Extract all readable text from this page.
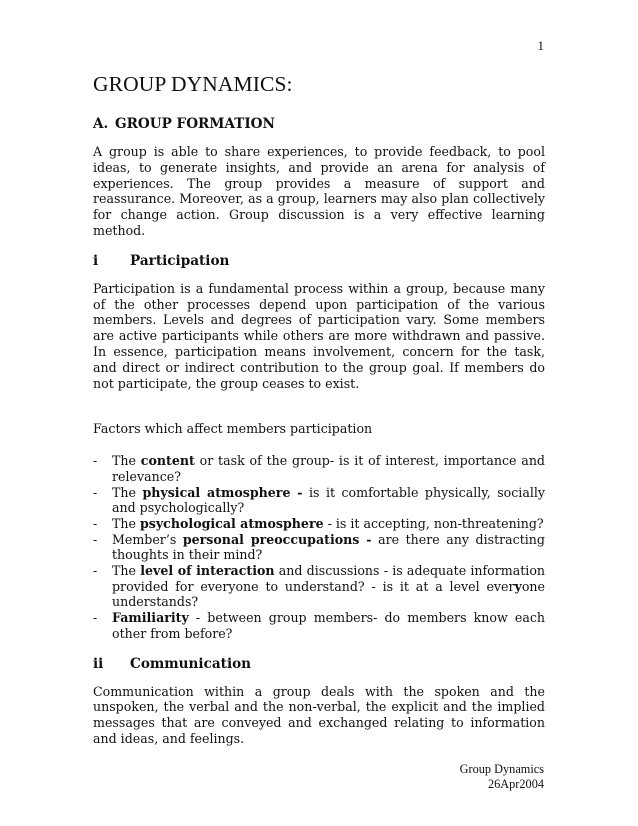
1
GROUP DYNAMICS:
A. GROUP FORMATION

A group is able to share experiences, to provide feedback, to pool ideas, to generate insights, and provide an arena for analysis of experiences. The group provides a measure of support and reassurance. Moreover, as a group, learners may also plan collectively for change action. Group discussion is a very effective learning method.

i Participation

Participation is a fundamental process within a group, because many of the other processes depend upon participation of the various members. Levels and degrees of participation vary. Some members are active participants while others are more withdrawn and passive. In essence, participation means involvement, concern for the task, and direct or indirect contribution to the group goal. If members do not participate, the group ceases to exist.

Factors which affect members participation

- The content or task of the group- is it of interest, importance and relevance?
- The physical atmosphere - is it comfortable physically, socially and psychologically?
- The psychological atmosphere - is it accepting, non-threatening?
- Member’s personal preoccupations - are there any distracting thoughts in their mind?
- The level of interaction and discussions - is adequate information provided for everyone to understand? - is it at a level everyone understands?
- Familiarity - between group members- do members know each other from before?
ii Communication

Communication within a group deals with the spoken and the unspoken, the verbal and the non-verbal, the explicit and the implied messages that are conveyed and exchanged relating to information and ideas, and feelings.

Group Dynamics
26Apr2004
